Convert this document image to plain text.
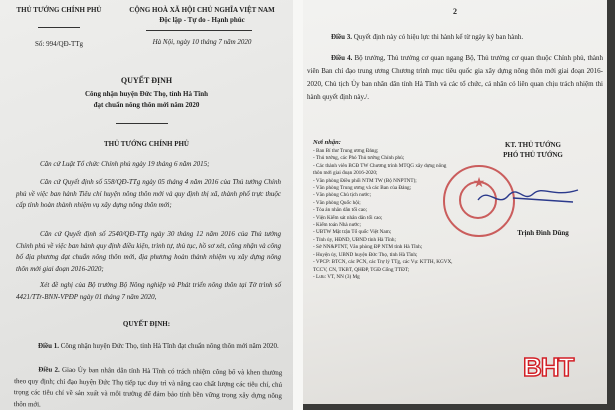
THỦ TƯỚNG CHÍNH PHỦ
Số: 994/QĐ-TTg
CỘNG HOÀ XÃ HỘI CHỦ NGHĨA VIỆT NAM
Độc lập - Tự do - Hạnh phúc
Hà Nội, ngày 10 tháng 7 năm 2020
QUYẾT ĐỊNH
Công nhận huyện Đức Thọ, tỉnh Hà Tĩnh
đạt chuẩn nông thôn mới năm 2020
THỦ TƯỚNG CHÍNH PHỦ
Căn cứ Luật Tổ chức Chính phủ ngày 19 tháng 6 năm 2015;
Căn cứ Quyết định số 558/QĐ-TTg ngày 05 tháng 4 năm 2016 của Thủ tướng Chính phủ về việc ban hành Tiêu chí huyện nông thôn mới và quy định thị xã, thành phố trực thuộc cấp tỉnh hoàn thành nhiệm vụ xây dựng nông thôn mới;
Căn cứ Quyết định số 2540/QĐ-TTg ngày 30 tháng 12 năm 2016 của Thủ tướng Chính phủ về việc ban hành quy định điều kiện, trình tự, thủ tục, hồ sơ xét, công nhận và công bố địa phương đạt chuẩn nông thôn mới, địa phương hoàn thành nhiệm vụ xây dựng nông thôn mới giai đoạn 2016-2020;
Xét đề nghị của Bộ trưởng Bộ Nông nghiệp và Phát triển nông thôn tại Tờ trình số 4421/TTr-BNN-VPĐP ngày 01 tháng 7 năm 2020,
QUYẾT ĐỊNH:
Điều 1. Công nhận huyện Đức Thọ, tỉnh Hà Tĩnh đạt chuẩn nông thôn mới năm 2020.
Điều 2. Giao Ủy ban nhân dân tỉnh Hà Tĩnh có trách nhiệm công bố và khen thưởng theo quy định; chỉ đạo huyện Đức Thọ tiếp tục duy trì và nâng cao chất lượng các tiêu chí, chú trọng các tiêu chí về sản xuất và môi trường để đảm bảo tính bền vững trong xây dựng nông thôn mới.
2
Điều 3. Quyết định này có hiệu lực thi hành kể từ ngày ký ban hành.
Điều 4. Bộ trưởng, Thủ trưởng cơ quan ngang Bộ, Thủ trưởng cơ quan thuộc Chính phủ, thành viên Ban chỉ đạo trung ương Chương trình mục tiêu quốc gia xây dựng nông thôn mới giai đoạn 2016-2020, Chủ tịch Ủy ban nhân dân tỉnh Hà Tĩnh và các tổ chức, cá nhân có liên quan chịu trách nhiệm thi hành quyết định này./.
Nơi nhận:
- Ban Bí thư Trung ương Đảng;
- Thủ tướng, các Phó Thủ tướng Chính phủ;
- Các thành viên BCĐ TW Chương trình MTQG xây dựng nông thôn mới giai đoạn 2016-2020;
- Văn phòng Điều phối NTM TW (Bộ NNPTNT);
- Văn phòng Trung ương và các Ban của Đảng;
- Văn phòng Chủ tịch nước;
- Văn phòng Quốc hội;
- Tòa án nhân dân tối cao;
- Viện Kiểm sát nhân dân tối cao;
- Kiểm toán Nhà nước;
- UBTW Mặt trận Tổ quốc Việt Nam;
- Tỉnh ủy, HĐND, UBND tỉnh Hà Tĩnh;
- Sở NN&PTNT, Văn phòng ĐP NTM tỉnh Hà Tĩnh;
- Huyện ủy, UBND huyện Đức Thọ, tỉnh Hà Tĩnh;
- VPCP: BTCN, các PCN, các Trợ lý TTg, các Vụ: KTTH, KGVX, TCCV, CN, TKBT, QHĐP, TGĐ Cổng TTĐT;
- Lưu: VT, NN (3) Mg
KT. THỦ TƯỚNG
PHÓ THỦ TƯỚNG
★
Trịnh Đình Dũng
BHT
